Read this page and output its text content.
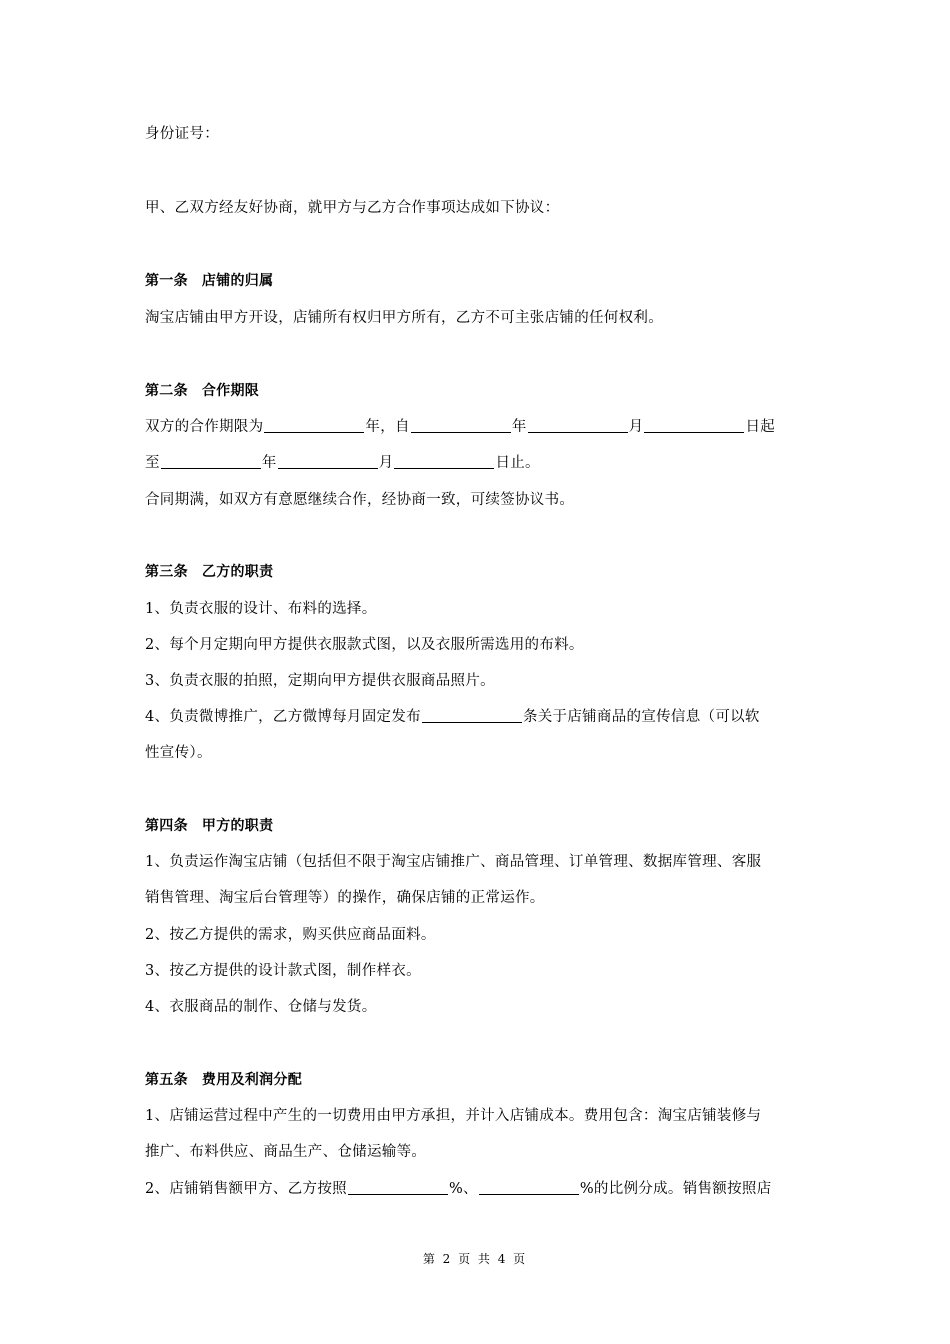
身份证号：
甲、乙双方经友好协商，就甲方与乙方合作事项达成如下协议：
第一条 店铺的归属
淘宝店铺由甲方开设，店铺所有权归甲方所有，乙方不可主张店铺的任何权利。
第二条 合作期限
双方的合作期限为	年，自	年	月	日起
至	年	月	日止。
合同期满，如双方有意愿继续合作，经协商一致，可续签协议书。
第三条 乙方的职责
1、负责衣服的设计、布料的选择。
2、每个月定期向甲方提供衣服款式图，以及衣服所需选用的布料。
3、负责衣服的拍照，定期向甲方提供衣服商品照片。
4、负责微博推广，乙方微博每月固定发布	条关于店铺商品的宣传信息（可以软
性宣传）。
第四条 甲方的职责
1、负责运作淘宝店铺（包括但不限于淘宝店铺推广、商品管理、订单管理、数据库管理、客服
销售管理、淘宝后台管理等）的操作，确保店铺的正常运作。
2、按乙方提供的需求，购买供应商品面料。
3、按乙方提供的设计款式图，制作样衣。
4、衣服商品的制作、仓储与发货。
第五条 费用及利润分配
1、店铺运营过程中产生的一切费用由甲方承担，并计入店铺成本。费用包含：淘宝店铺装修与
推广、布料供应、商品生产、仓储运输等。
2、店铺销售额甲方、乙方按照	%、	%的比例分成。销售额按照店
第 2 页 共 4 页
